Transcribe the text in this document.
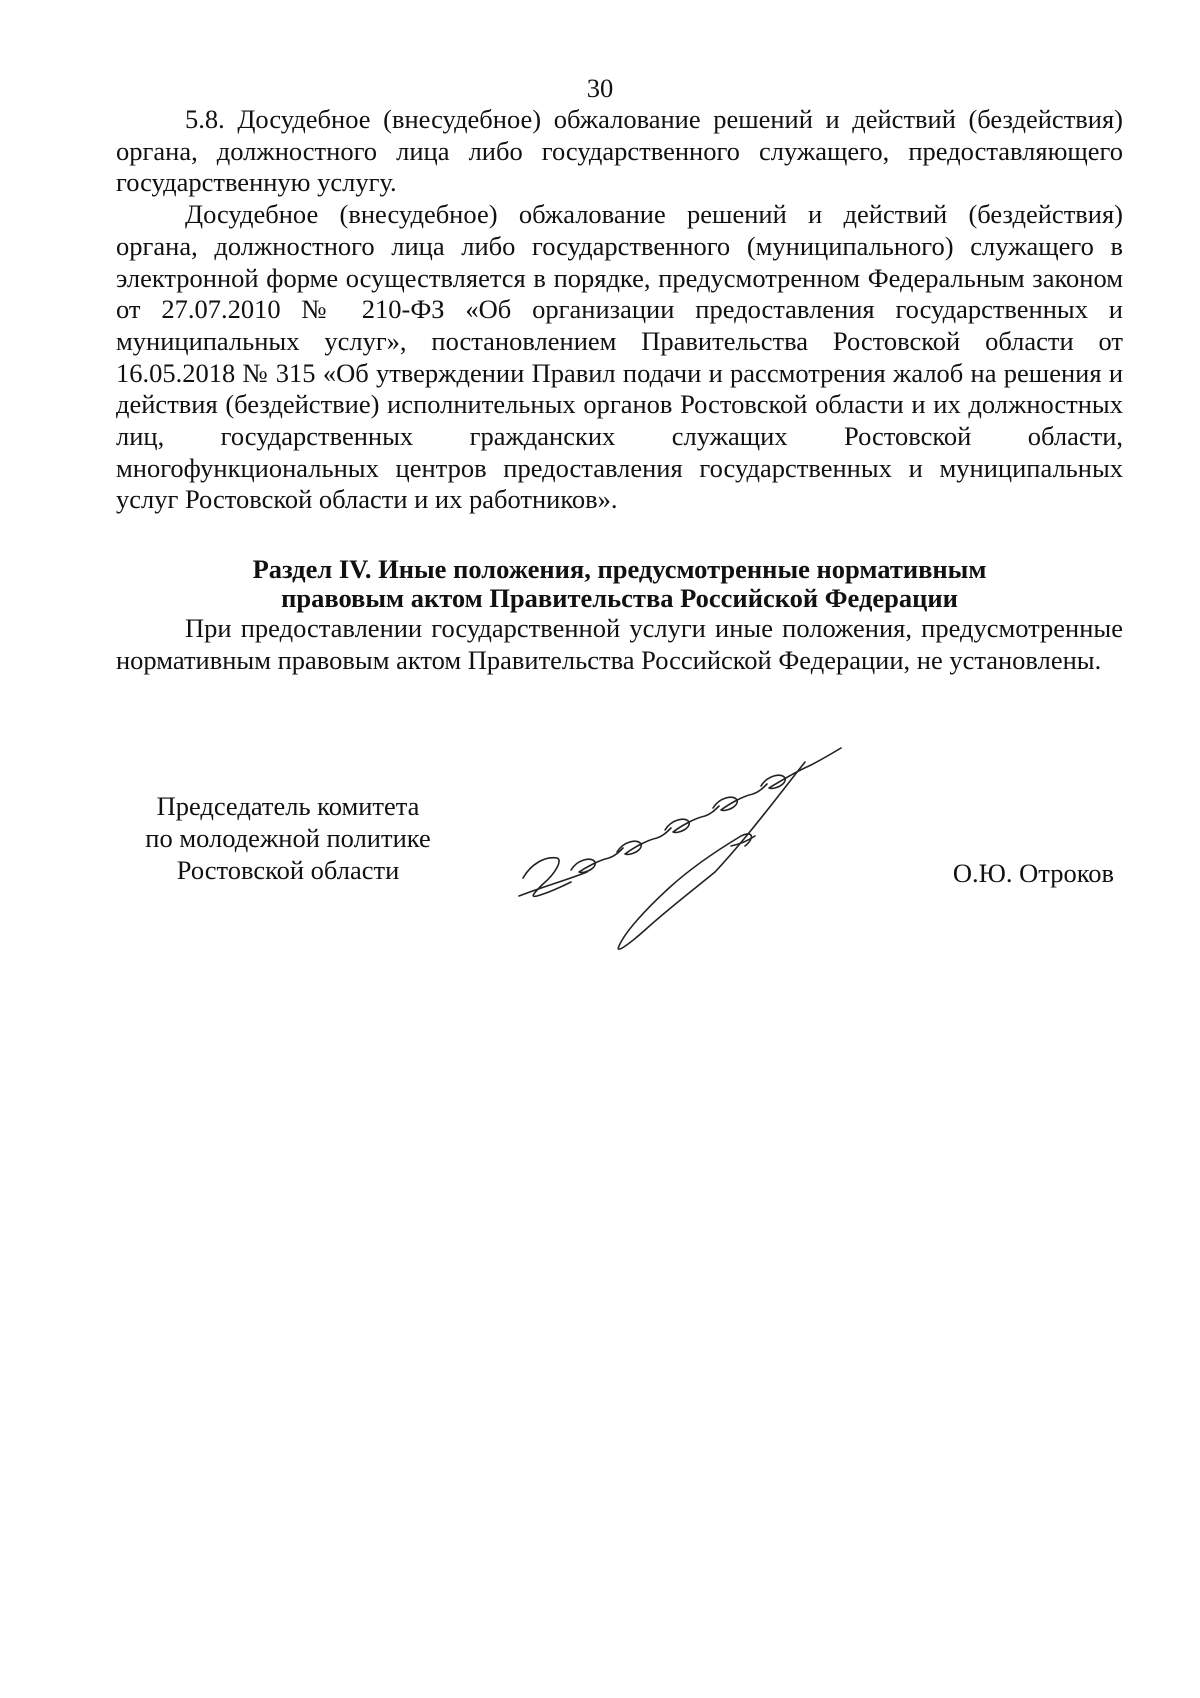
30

5.8. Досудебное (внесудебное) обжалование решений и действий (бездействия) органа, должностного лица либо государственного служащего, предоставляющего государственную услугу.

Досудебное (внесудебное) обжалование решений и действий (бездействия) органа, должностного лица либо государственного (муниципального) служащего в электронной форме осуществляется в порядке, предусмотренном Федеральным законом от 27.07.2010 № 210-ФЗ «Об организации предоставления государственных и муниципальных услуг», постановлением Правительства Ростовской области от 16.05.2018 № 315 «Об утверждении Правил подачи и рассмотрения жалоб на решения и действия (бездействие) исполнительных органов Ростовской области и их должностных лиц, государственных гражданских служащих Ростовской области, многофункциональных центров предоставления государственных и муниципальных услуг Ростовской области и их работников».

Раздел IV. Иные положения, предусмотренные нормативным
правовым актом Правительства Российской Федерации

При предоставлении государственной услуги иные положения, предусмотренные нормативным правовым актом Правительства Российской Федерации, не установлены.

Председатель комитета
по молодежной политике
Ростовской области	О.Ю. Отроков
